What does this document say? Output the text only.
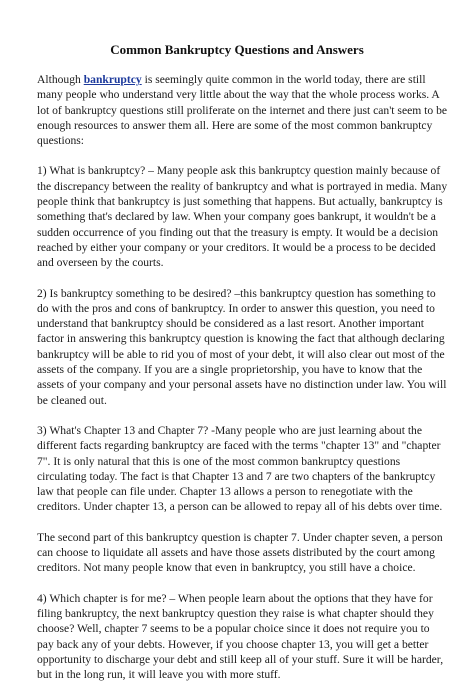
Common Bankruptcy Questions and Answers

Although bankruptcy is seemingly quite common in the world today, there are still
many people who understand very little about the way that the whole process works. A
lot of bankruptcy questions still proliferate on the internet and there just can't seem to be
enough resources to answer them all. Here are some of the most common bankruptcy
questions:

1) What is bankruptcy? – Many people ask this bankruptcy question mainly because of
the discrepancy between the reality of bankruptcy and what is portrayed in media. Many
people think that bankruptcy is just something that happens. But actually, bankruptcy is
something that's declared by law. When your company goes bankrupt, it wouldn't be a
sudden occurrence of you finding out that the treasury is empty. It would be a decision
reached by either your company or your creditors. It would be a process to be decided
and overseen by the courts.

2) Is bankruptcy something to be desired? –this bankruptcy question has something to
do with the pros and cons of bankruptcy. In order to answer this question, you need to
understand that bankruptcy should be considered as a last resort. Another important
factor in answering this bankruptcy question is knowing the fact that although declaring
bankruptcy will be able to rid you of most of your debt, it will also clear out most of the
assets of the company. If you are a single proprietorship, you have to know that the
assets of your company and your personal assets have no distinction under law. You will
be cleaned out.

3) What's Chapter 13 and Chapter 7? -Many people who are just learning about the
different facts regarding bankruptcy are faced with the terms "chapter 13" and "chapter
7". It is only natural that this is one of the most common bankruptcy questions
circulating today. The fact is that Chapter 13 and 7 are two chapters of the bankruptcy
law that people can file under. Chapter 13 allows a person to renegotiate with the
creditors. Under chapter 13, a person can be allowed to repay all of his debts over time.

The second part of this bankruptcy question is chapter 7. Under chapter seven, a person
can choose to liquidate all assets and have those assets distributed by the court among
creditors. Not many people know that even in bankruptcy, you still have a choice.

4) Which chapter is for me? – When people learn about the options that they have for
filing bankruptcy, the next bankruptcy question they raise is what chapter should they
choose? Well, chapter 7 seems to be a popular choice since it does not require you to
pay back any of your debts. However, if you choose chapter 13, you will get a better
opportunity to discharge your debt and still keep all of your stuff. Sure it will be harder,
but in the long run, it will leave you with more stuff.
